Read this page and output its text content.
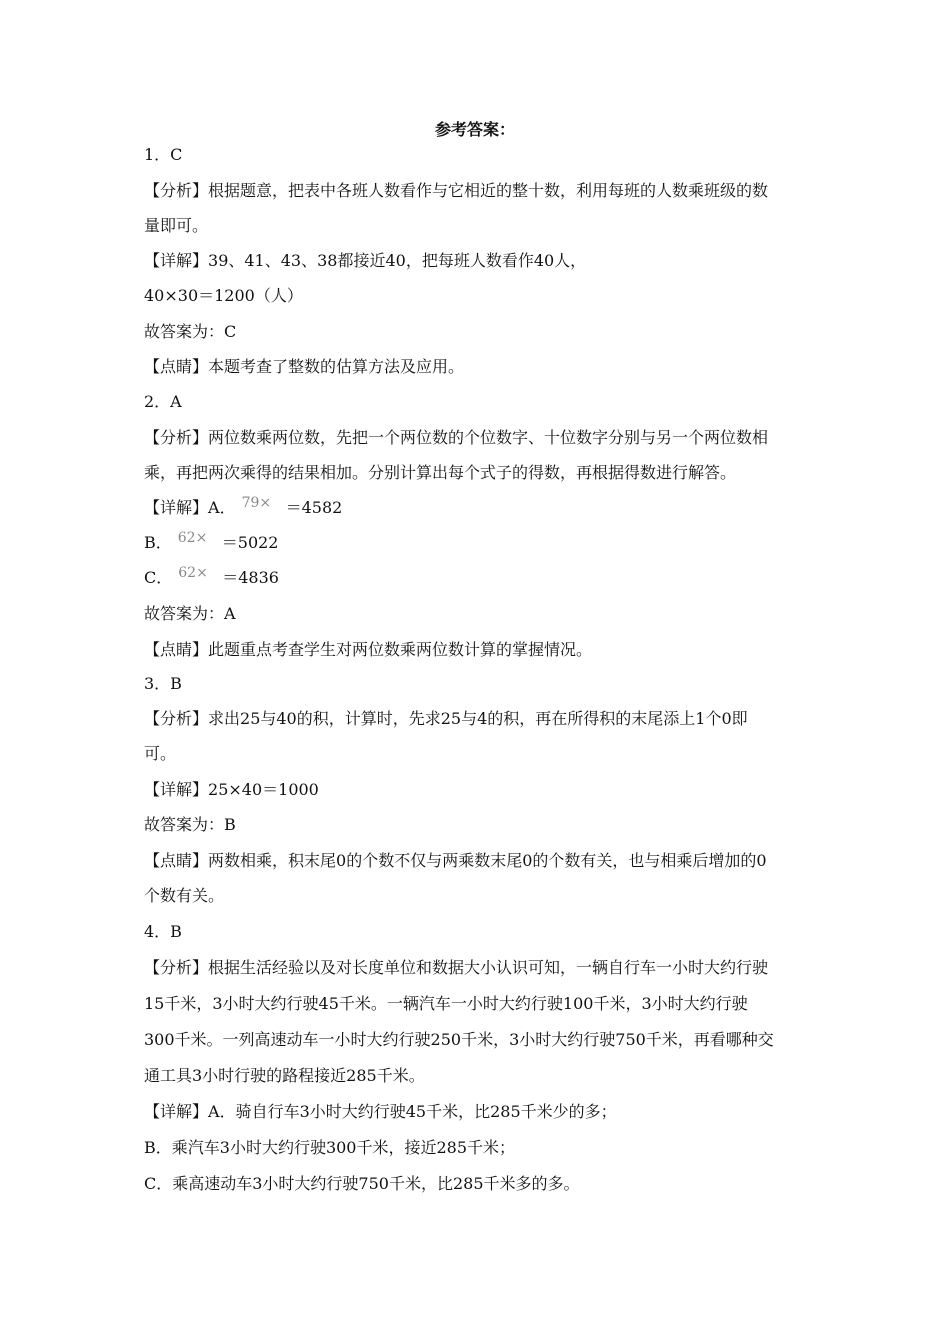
参考答案：
1．C
【分析】根据题意，把表中各班人数看作与它相近的整十数，利用每班的人数乘班级的数
量即可。
【详解】39、41、43、38都接近40，把每班人数看作40人，
40×30＝1200（人）
故答案为：C
【点睛】本题考查了整数的估算方法及应用。
2．A
【分析】两位数乘两位数，先把一个两位数的个位数字、十位数字分别与另一个两位数相
乘，再把两次乘得的结果相加。分别计算出每个式子的得数，再根据得数进行解答。
【详解】A． 79× ＝4582
B． 62× ＝5022
C． 62× ＝4836
故答案为：A
【点睛】此题重点考查学生对两位数乘两位数计算的掌握情况。
3．B
【分析】求出25与40的积，计算时，先求25与4的积，再在所得积的末尾添上1个0即
可。
【详解】25×40＝1000
故答案为：B
【点睛】两数相乘，积末尾0的个数不仅与两乘数末尾0的个数有关，也与相乘后增加的0
个数有关。
4．B
【分析】根据生活经验以及对长度单位和数据大小认识可知，一辆自行车一小时大约行驶
15千米，3小时大约行驶45千米。一辆汽车一小时大约行驶100千米，3小时大约行驶
300千米。一列高速动车一小时大约行驶250千米，3小时大约行驶750千米，再看哪种交
通工具3小时行驶的路程接近285千米。
【详解】A．骑自行车3小时大约行驶45千米，比285千米少的多；
B．乘汽车3小时大约行驶300千米，接近285千米；
C．乘高速动车3小时大约行驶750千米，比285千米多的多。
